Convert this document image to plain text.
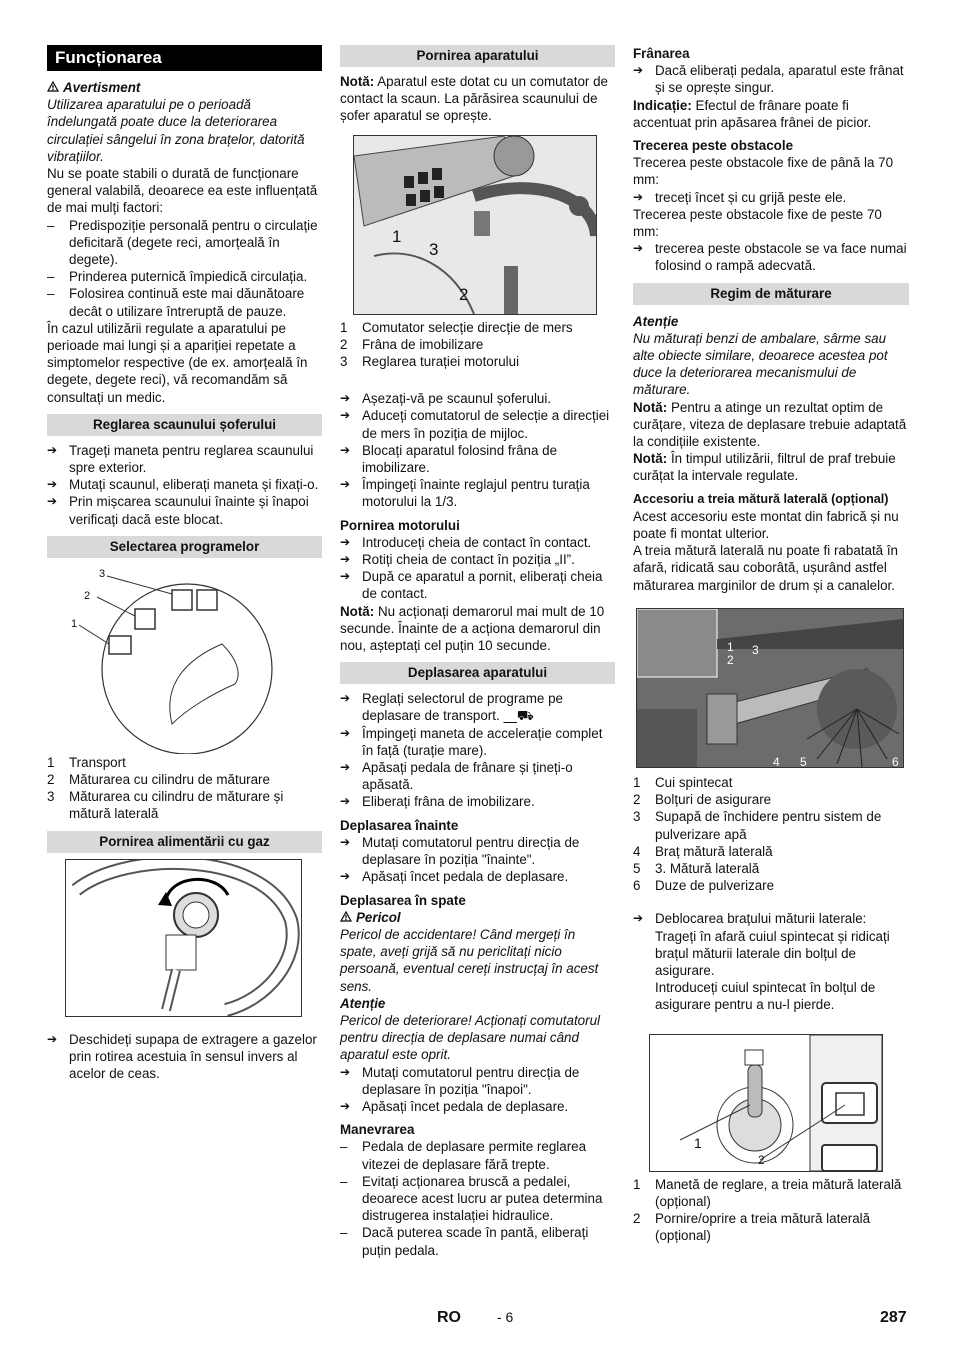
Funcționarea

Avertisment

Utilizarea aparatului pe o perioadă îndelungată poate duce la deteriorarea circulației sângelui în zona brațelor, datorită vibrațiilor.

Nu se poate stabili o durată de funcționare general valabilă, deoarece ea este influențată de mai mulți factori:

–	Predispoziție personală pentru o circulație deficitară (degete reci, amorțeală în degete).
–	Prinderea puternică împiedică circulația.
–	Folosirea continuă este mai dăunătoare decât o utilizare întreruptă de pauze.

În cazul utilizării regulate a aparatului pe perioade mai lungi și a apariției repetate a simptomelor respective (de ex. amorțeală în degete, degete reci), vă recomandăm să consultați un medic.

Reglarea scaunului șoferului
➔ Trageți maneta pentru reglarea scaunului spre exterior.
➔ Mutați scaunul, eliberați maneta și fixați-o.
➔ Prin mișcarea scaunului înainte și înapoi verificați dacă este blocat.
Selectarea programelor
3
2
1
1	Transport
2	Măturarea cu cilindru de măturare
3	Măturarea cu cilindru de măturare și mătură laterală
Pornirea alimentării cu gaz
➔ Deschideți supapa de extragere a gazelor prin rotirea acestuia în sensul invers al acelor de ceas.
Pornirea aparatului

Notă: Aparatul este dotat cu un comutator de contact la scaun. La părăsirea scaunului de șofer aparatul se oprește.

1
3
2
1	Comutator selecție direcție de mers
2	Frâna de imobilizare
3	Reglarea turației motorului
➔ Așezați-vă pe scaunul șoferului.
➔ Aduceți comutatorul de selecție a direcției de mers în poziția de mijloc.
➔ Blocați aparatul folosind frâna de imobilizare.
➔ Împingeți înainte reglajul pentru turația motorului la 1/3.

Pornirea motorului

➔ Introduceți cheia de contact în contact.
➔ Rotiți cheia de contact în poziția „II”.
➔ După ce aparatul a pornit, eliberați cheia de contact.

Notă: Nu acționați demarorul mai mult de 10 secunde. Înainte de a acționa demarorul din nou, așteptați cel puțin 10 secunde.

Deplasarea aparatului
➔ Reglați selectorul de programe pe deplasare de transport. ⎽⛟
➔ Împingeți maneta de accelerație complet în față (turație mare).
➔ Apăsați pedala de frânare și țineți-o apăsată.
➔ Eliberați frâna de imobilizare.

Deplasarea înainte

➔ Mutați comutatorul pentru direcția de deplasare în poziția "înainte".
➔ Apăsați încet pedala de deplasare.

Deplasarea în spate

Pericol

Pericol de accidentare! Când mergeți în spate, aveți grijă să nu periclitați nicio persoană, eventual cereți instrucțaj în acest sens.

Atenție

Pericol de deteriorare! Acționați comutatorul pentru direcția de deplasare numai când aparatul este oprit.

➔ Mutați comutatorul pentru direcția de deplasare în poziția "înapoi".
➔ Apăsați încet pedala de deplasare.

Manevrarea

–	Pedala de deplasare permite reglarea vitezei de deplasare fără trepte.
–	Evitați acționarea bruscă a pedalei, deoarece acest lucru ar putea determina distrugerea instalației hidraulice.
–	Dacă puterea scade în pantă, eliberați puțin pedala.

Frânarea

➔ Dacă eliberați pedala, aparatul este frânat și se oprește singur.

Indicație: Efectul de frânare poate fi accentuat prin apăsarea frânei de picior.

Trecerea peste obstacole

Trecerea peste obstacole fixe de până la 70 mm:

➔ treceți încet și cu grijă peste ele.

Trecerea peste obstacole fixe de peste 70 mm:

➔ trecerea peste obstacole se va face numai folosind o rampă adecvată.
Regim de măturare

Atenție

Nu măturați benzi de ambalare, sârme sau alte obiecte similare, deoarece acestea pot duce la deteriorarea mecanismului de măturare.

Notă: Pentru a atinge un rezultat optim de curățare, viteza de deplasare trebuie adaptată la condițiile existente.

Notă: În timpul utilizării, filtrul de praf trebuie curățat la intervale regulate.

Accesoriu a treia mătură laterală (opțional)

Acest accesoriu este montat din fabrică și nu poate fi montat ulterior.

A treia mătură laterală nu poate fi rabatată în afară, ridicată sau coborâtă, ușurând astfel măturarea marginilor de drum și a canalelor.

1
2
3
4 5	6
1	Cui spintecat
2	Bolțuri de asigurare
3	Supapă de închidere pentru sistem de pulverizare apă
4	Braț mătură laterală
5	3. Mătură laterală
6	Duze de pulverizare
➔ Deblocarea brațului măturii laterale: Trageți în afară cuiul spintecat și ridicați brațul măturii laterale din bolțul de asigurare.
Introduceți cuiul spintecat în bolțul de asigurare pentru a nu-l pierde.
1
2
1	Manetă de reglare, a treia mătură laterală (opțional)
2	Pornire/oprire a treia mătură laterală (opțional)
RO	- 6	287
